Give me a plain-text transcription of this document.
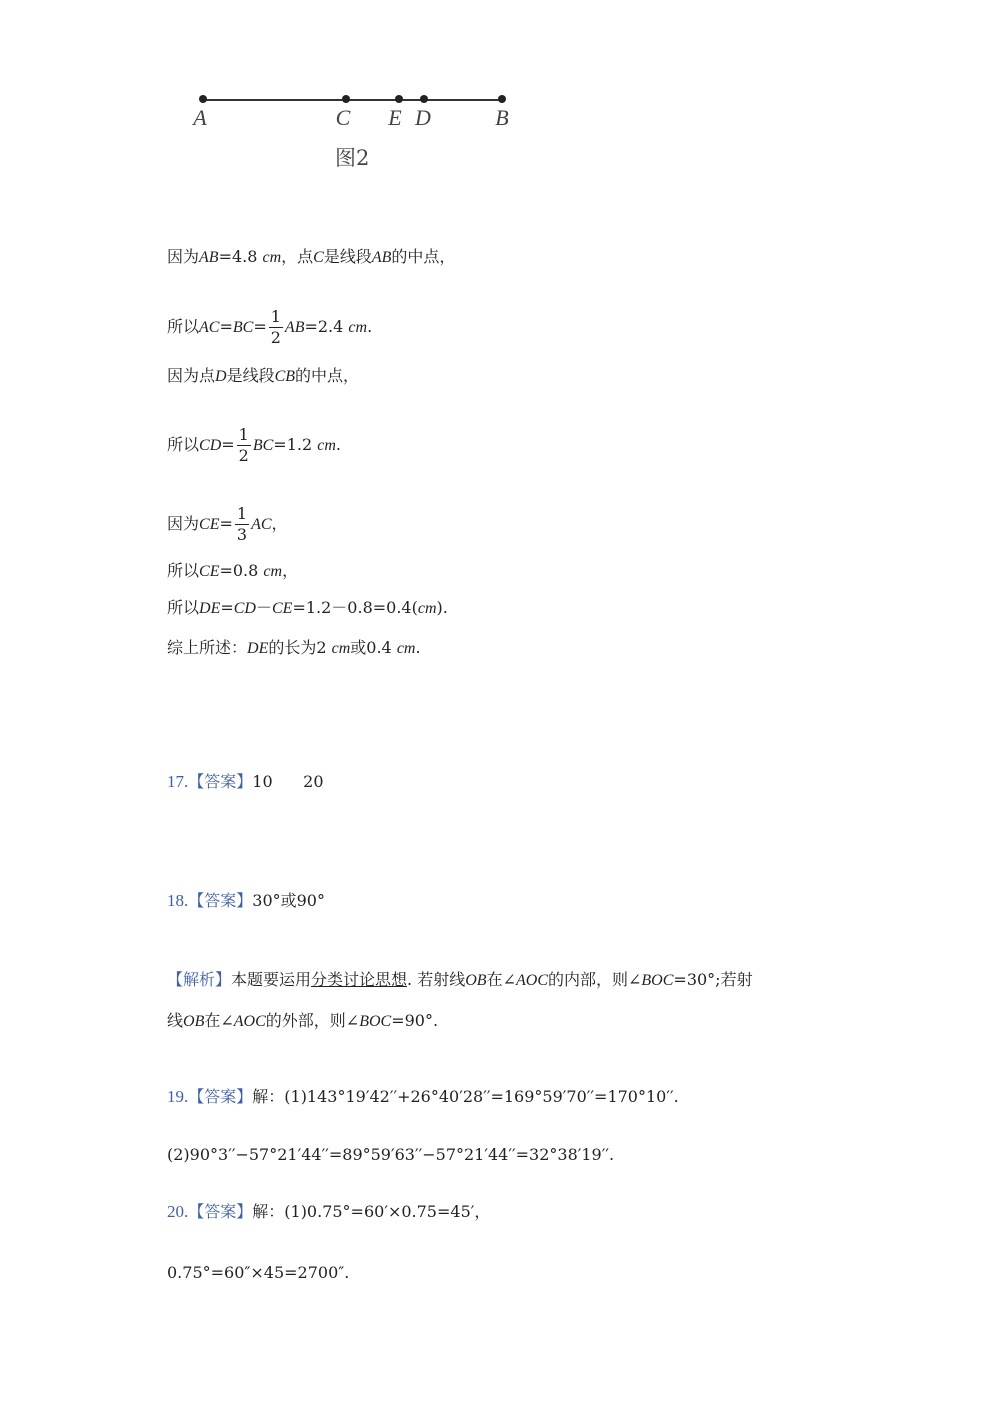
A	C	E D	B
图2
因为AB=4.8 cm，点C是线段AB的中点，
所以$AC=BC= \frac{1}{2} AB=2.4$ cm.
因为点D是线段CB的中点，
所以$CD= \frac{1}{2} BC=1.2$ cm.
因为$CE= \frac{1}{3}$ AC，
所以CE=0.8 cm，
所以DE=CD－CE=1.2－0.8=0.4(cm).
综上所述：DE的长为2 cm或0.4 cm.
17.【答案】10      20
18.【答案】30°或90°
【解析】本题要运用分类讨论思想. 若射线OB在∠AOC的内部，则∠BOC=30°;若射
线OB在∠AOC的外部，则∠BOC=90°.
19.【答案】解：(1)143°19′42′′+26°40′28′′=169°59′70′′=170°10′′.
(2)90°3′′−57°21′44′′=89°59′63′′−57°21′44′′=32°38′19′′.
20.【答案】解：(1)0.75°=60′×0.75=45′，
0.75°=60″×45=2700″.
